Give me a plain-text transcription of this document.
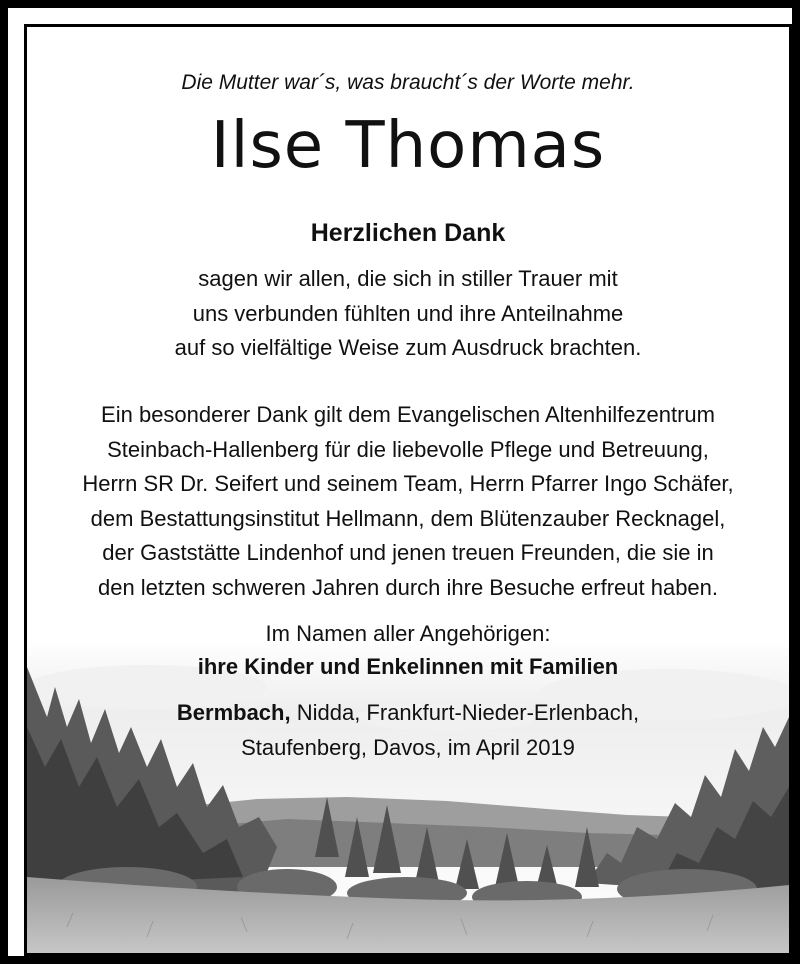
Die Mutter war´s, was braucht´s der Worte mehr.
Ilse Thomas
Herzlichen Dank
sagen wir allen, die sich in stiller Trauer mit
uns verbunden fühlten und ihre Anteilnahme
auf so vielfältige Weise zum Ausdruck brachten.
Ein besonderer Dank gilt dem Evangelischen Altenhilfezentrum
Steinbach-Hallenberg für die liebevolle Pflege und Betreuung,
Herrn SR Dr. Seifert und seinem Team, Herrn Pfarrer Ingo Schäfer,
dem Bestattungsinstitut Hellmann, dem Blütenzauber Recknagel,
der Gaststätte Lindenhof und jenen treuen Freunden, die sie in
den letzten schweren Jahren durch ihre Besuche erfreut haben.
Im Namen aller Angehörigen:
ihre Kinder und Enkelinnen mit Familien
Bermbach, Nidda, Frankfurt-Nieder-Erlenbach,
Staufenberg, Davos, im April 2019
